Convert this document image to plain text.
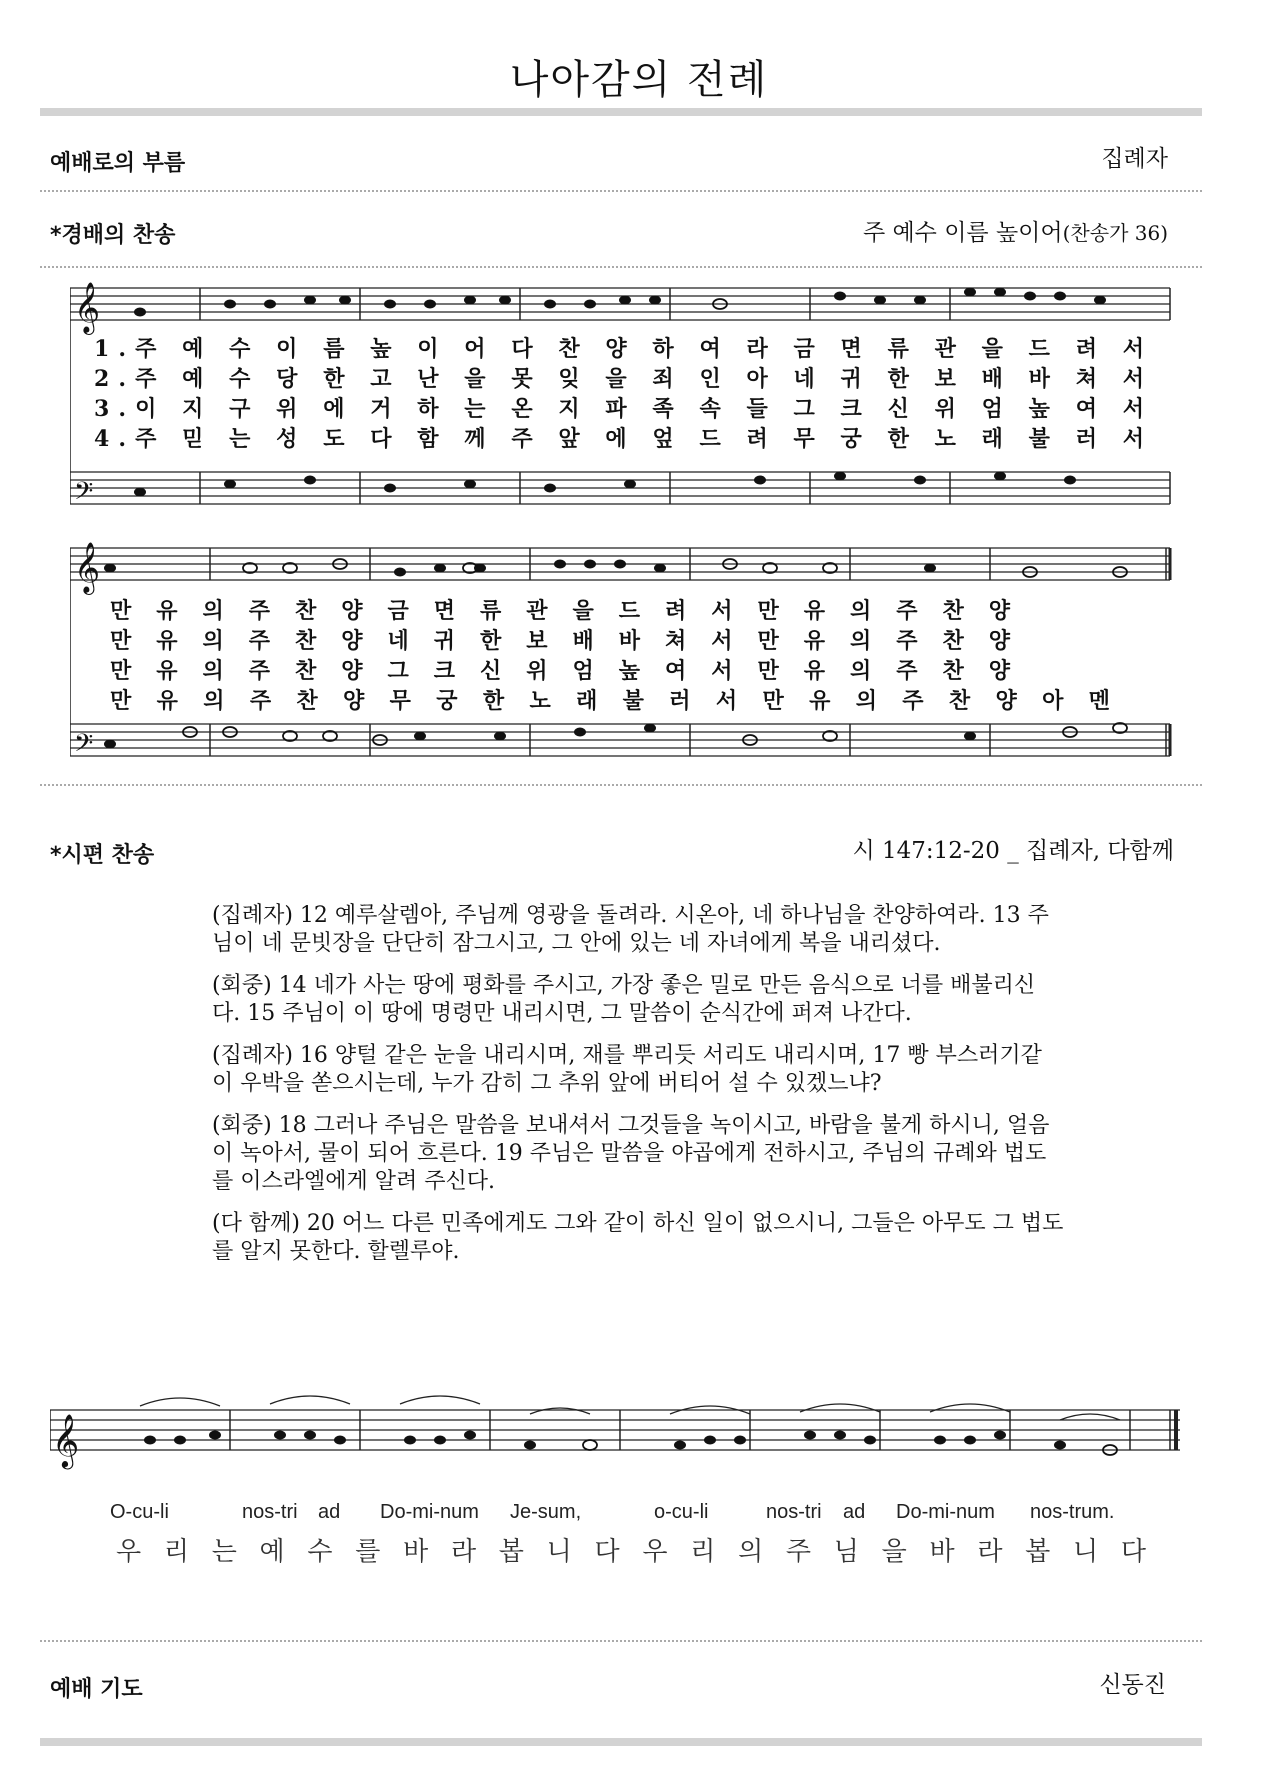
나아감의 전례
예배로의 부름	집례자
*경배의 찬송	주 예수 이름 높이어(찬송가 36)
𝄞
𝄢
𝄞
𝄢
1.주 예 수 이 름 높 이 어 다 찬 양 하 여 라 금 면 류 관 을 드 려 서
2.주 예 수 당 한 고 난 을 못 잊 을 죄 인 아 네 귀 한 보 배 바 쳐 서
3.이 지 구 위 에 거 하 는 온 지 파 족 속 들 그 크 신 위 엄 높 여 서
4.주 믿 는 성 도 다 함 께 주 앞 에 엎 드 려 무 궁 한 노 래 불 러 서
만 유 의 주 찬 양 금 면 류 관 을 드 려 서 만 유 의 주 찬 양
만 유 의 주 찬 양 네 귀 한 보 배 바 쳐 서 만 유 의 주 찬 양
만 유 의 주 찬 양 그 크 신 위 엄 높 여 서 만 유 의 주 찬 양
만 유 의 주 찬 양 무 궁 한 노 래 불 러 서 만 유 의 주 찬 양 아 멘
*시편 찬송	시 147:12-20 _ 집례자, 다함께

(집례자) 12 예루살렘아, 주님께 영광을 돌려라. 시온아, 네 하나님을 찬양하여라. 13 주
님이 네 문빗장을 단단히 잠그시고, 그 안에 있는 네 자녀에게 복을 내리셨다.

(회중) 14 네가 사는 땅에 평화를 주시고, 가장 좋은 밀로 만든 음식으로 너를 배불리신
다. 15 주님이 이 땅에 명령만 내리시면, 그 말씀이 순식간에 퍼져 나간다.

(집례자) 16 양털 같은 눈을 내리시며, 재를 뿌리듯 서리도 내리시며, 17 빵 부스러기같
이 우박을 쏟으시는데, 누가 감히 그 추위 앞에 버티어 설 수 있겠느냐?

(회중) 18 그러나 주님은 말씀을 보내셔서 그것들을 녹이시고, 바람을 불게 하시니, 얼음
이 녹아서, 물이 되어 흐른다. 19 주님은 말씀을 야곱에게 전하시고, 주님의 규례와 법도
를 이스라엘에게 알려 주신다.

(다 함께) 20 어느 다른 민족에게도 그와 같이 하신 일이 없으시니, 그들은 아무도 그 법도
를 알지 못한다. 할렐루야.

𝄞
O-cu-li	nos-tri ad Do-mi-num Je-sum,	o-cu-li	nos-tri ad Do-mi-num nos-trum.
우 리 는 예 수 를 바 라 봅 니 다 우 리 의 주 님 을 바 라 봅 니 다
예배 기도	신동진
